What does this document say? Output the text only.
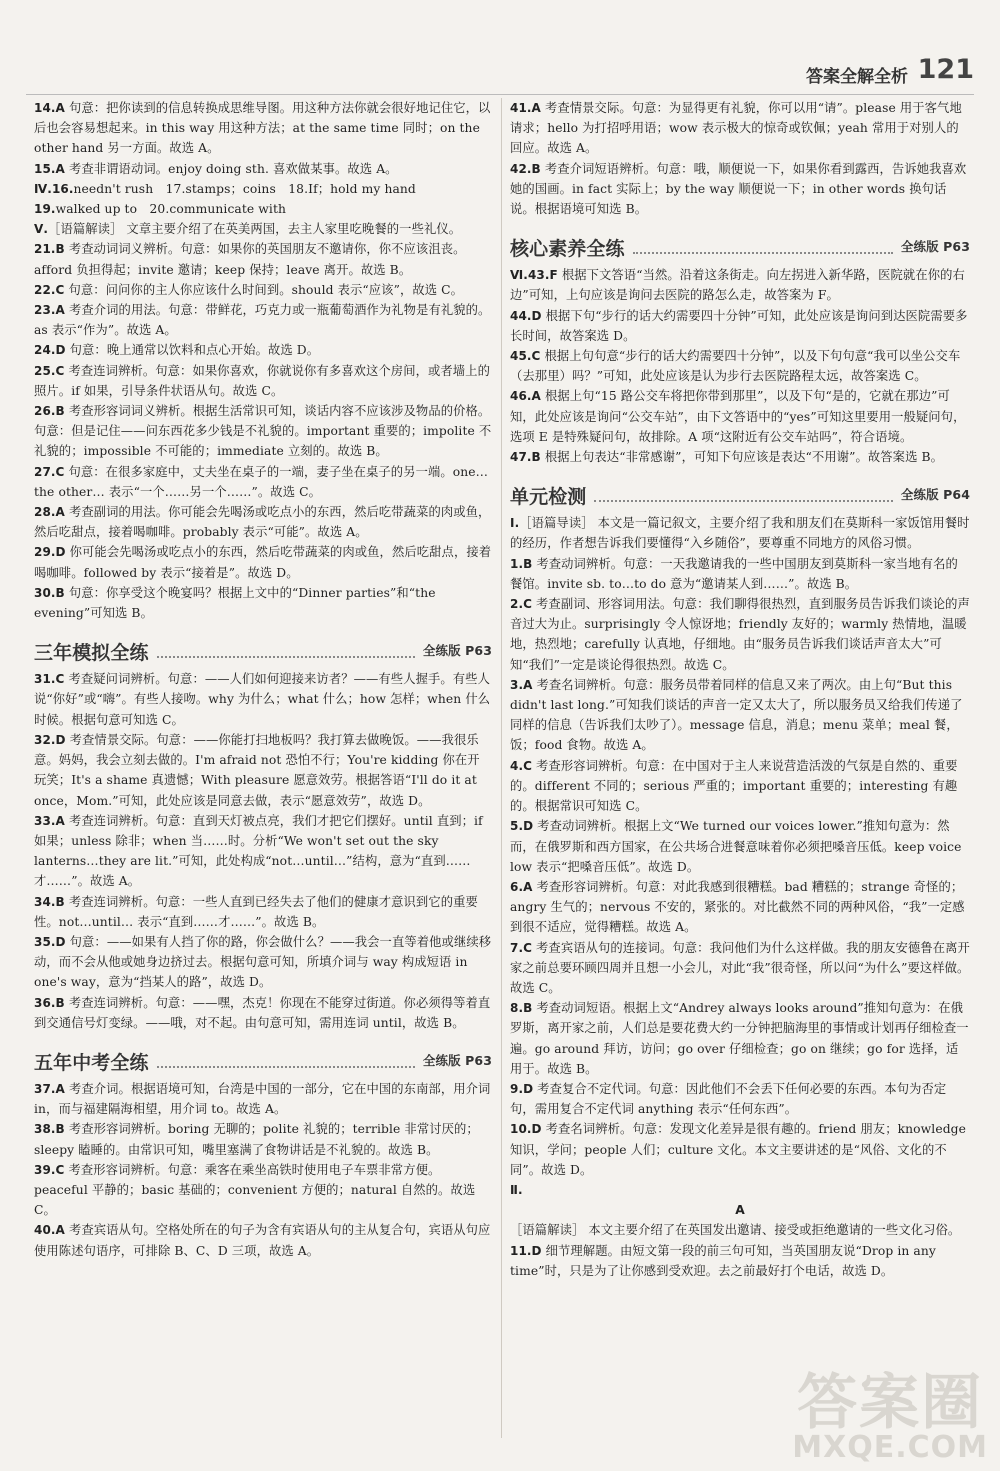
答案全解全析 121

14.A 句意：把你读到的信息转换成思维导图。用这种方法你就会很好地记住它，以后也会容易想起来。in this way 用这种方法；at the same time 同时；on the other hand 另一方面。故选 A。

15.A 考查非谓语动词。enjoy doing sth. 喜欢做某事。故选 A。

Ⅳ.16.needn't rush　17.stamps；coins　18.If；hold my hand

19.walked up to　20.communicate with

Ⅴ.［语篇解读］ 文章主要介绍了在英美两国，去主人家里吃晚餐的一些礼仪。

21.B 考查动词词义辨析。句意：如果你的英国朋友不邀请你，你不应该沮丧。afford 负担得起；invite 邀请；keep 保持；leave 离开。故选 B。

22.C 句意：问问你的主人你应该什么时间到。should 表示“应该”，故选 C。

23.A 考查介词的用法。句意：带鲜花，巧克力或一瓶葡萄酒作为礼物是有礼貌的。as 表示“作为”。故选 A。

24.D 句意：晚上通常以饮料和点心开始。故选 D。

25.C 考查连词辨析。句意：如果你喜欢，你就说你有多喜欢这个房间，或者墙上的照片。if 如果，引导条件状语从句。故选 C。

26.B 考查形容词词义辨析。根据生活常识可知，谈话内容不应该涉及物品的价格。句意：但是记住——问东西花多少钱是不礼貌的。important 重要的；impolite 不礼貌的；impossible 不可能的；immediate 立刻的。故选 B。

27.C 句意：在很多家庭中，丈夫坐在桌子的一端，妻子坐在桌子的另一端。one…the other… 表示“一个……另一个……”。故选 C。

28.A 考查副词的用法。你可能会先喝汤或吃点小的东西，然后吃带蔬菜的肉或鱼，然后吃甜点，接着喝咖啡。probably 表示“可能”。故选 A。

29.D 你可能会先喝汤或吃点小的东西，然后吃带蔬菜的肉或鱼，然后吃甜点，接着喝咖啡。followed by 表示“接着是”。故选 D。

30.B 句意：你享受这个晚宴吗？根据上文中的“Dinner parties”和“the evening”可知选 B。

三年模拟全练	全练版 P63

31.C 考查疑问词辨析。句意：——人们如何迎接来访者？——有些人握手。有些人说“你好”或“嗨”。有些人接吻。why 为什么；what 什么；how 怎样；when 什么时候。根据句意可知选 C。

32.D 考查情景交际。句意：——你能打扫地板吗？我打算去做晚饭。——我很乐意。妈妈，我会立刻去做的。I'm afraid not 恐怕不行；You're kidding 你在开玩笑；It's a shame 真遗憾；With pleasure 愿意效劳。根据答语“I'll do it at once，Mom.”可知，此处应该是同意去做，表示“愿意效劳”，故选 D。

33.A 考查连词辨析。句意：直到天灯被点亮，我们才把它们摆好。until 直到；if 如果；unless 除非；when 当……时。分析“We won't set out the sky lanterns…they are lit.”可知，此处构成“not…until…”结构，意为“直到……才……”。故选 A。

34.B 考查连词辨析。句意：一些人直到已经失去了他们的健康才意识到它的重要性。not…until… 表示“直到……才……”。故选 B。

35.D 句意：——如果有人挡了你的路，你会做什么？——我会一直等着他或继续移动，而不会从他或她身边挤过去。根据句意可知，所填介词与 way 构成短语 in one's way，意为“挡某人的路”，故选 D。

36.B 考查连词辨析。句意：——嘿，杰克！你现在不能穿过街道。你必须得等着直到交通信号灯变绿。——哦，对不起。由句意可知，需用连词 until，故选 B。

五年中考全练	全练版 P63

37.A 考查介词。根据语境可知，台湾是中国的一部分，它在中国的东南部，用介词 in，而与福建隔海相望，用介词 to。故选 A。

38.B 考查形容词辨析。boring 无聊的；polite 礼貌的；terrible 非常讨厌的；sleepy 瞌睡的。由常识可知，嘴里塞满了食物讲话是不礼貌的。故选 B。

39.C 考查形容词辨析。句意：乘客在乘坐高铁时使用电子车票非常方便。peaceful 平静的；basic 基础的；convenient 方便的；natural 自然的。故选 C。

40.A 考查宾语从句。空格处所在的句子为含有宾语从句的主从复合句，宾语从句应使用陈述句语序，可排除 B、C、D 三项，故选 A。

41.A 考查情景交际。句意：为显得更有礼貌，你可以用“请”。please 用于客气地请求；hello 为打招呼用语；wow 表示极大的惊奇或钦佩；yeah 常用于对别人的回应。故选 A。

42.B 考查介词短语辨析。句意：哦，顺便说一下，如果你看到露西，告诉她我喜欢她的国画。in fact 实际上；by the way 顺便说一下；in other words 换句话说。根据语境可知选 B。

核心素养全练	全练版 P63

Ⅵ.43.F 根据下文答语“当然。沿着这条街走。向左拐进入新华路，医院就在你的右边”可知，上句应该是询问去医院的路怎么走，故答案为 F。

44.D 根据下句“步行的话大约需要四十分钟”可知，此处应该是询问到达医院需要多长时间，故答案选 D。

45.C 根据上句句意“步行的话大约需要四十分钟”，以及下句句意“我可以坐公交车（去那里）吗？”可知，此处应该是认为步行去医院路程太远，故答案选 C。

46.A 根据上句“15 路公交车将把你带到那里”，以及下句“是的，它就在那边”可知，此处应该是询问“公交车站”，由下文答语中的“yes”可知这里要用一般疑问句，选项 E 是特殊疑问句，故排除。A 项“这附近有公交车站吗”，符合语境。

47.B 根据上句表达“非常感谢”，可知下句应该是表达“不用谢”。故答案选 B。

单元检测	全练版 P64

Ⅰ.［语篇导读］ 本文是一篇记叙文，主要介绍了我和朋友们在莫斯科一家饭馆用餐时的经历，作者想告诉我们要懂得“入乡随俗”，要尊重不同地方的风俗习惯。

1.B 考查动词辨析。句意：一天我邀请我的一些中国朋友到莫斯科一家当地有名的餐馆。invite sb. to…to do 意为“邀请某人到……”。故选 B。

2.C 考查副词、形容词用法。句意：我们聊得很热烈，直到服务员告诉我们谈论的声音过大为止。surprisingly 令人惊讶地；friendly 友好的；warmly 热情地，温暖地，热烈地；carefully 认真地，仔细地。由“服务员告诉我们谈话声音太大”可知“我们”一定是谈论得很热烈。故选 C。

3.A 考查名词辨析。句意：服务员带着同样的信息又来了两次。由上句“But this didn't last long.”可知我们谈话的声音一定又太大了，所以服务员又给我们传递了同样的信息（告诉我们太吵了）。message 信息，消息；menu 菜单；meal 餐，饭；food 食物。故选 A。

4.C 考查形容词辨析。句意：在中国对于主人来说营造活泼的气氛是自然的、重要的。different 不同的；serious 严重的；important 重要的；interesting 有趣的。根据常识可知选 C。

5.D 考查动词辨析。根据上文“We turned our voices lower.”推知句意为：然而，在俄罗斯和西方国家，在公共场合进餐意味着你必须把嗓音压低。keep voice low 表示“把嗓音压低”。故选 D。

6.A 考查形容词辨析。句意：对此我感到很糟糕。bad 糟糕的；strange 奇怪的；angry 生气的；nervous 不安的，紧张的。对比截然不同的两种风俗，“我”一定感到很不适应，觉得糟糕。故选 A。

7.C 考查宾语从句的连接词。句意：我问他们为什么这样做。我的朋友安德鲁在离开家之前总要环顾四周并且想一小会儿，对此“我”很奇怪，所以问“为什么”要这样做。故选 C。

8.B 考查动词短语。根据上文“Andrey always looks around”推知句意为：在俄罗斯，离开家之前，人们总是要花费大约一分钟把脑海里的事情或计划再仔细检查一遍。go around 拜访，访问；go over 仔细检查；go on 继续；go for 选择，适用于。故选 B。

9.D 考查复合不定代词。句意：因此他们不会丢下任何必要的东西。本句为否定句，需用复合不定代词 anything 表示“任何东西”。

10.D 考查名词辨析。句意：发现文化差异是很有趣的。friend 朋友；knowledge 知识，学问；people 人们；culture 文化。本文主要讲述的是“风俗、文化的不同”。故选 D。

Ⅱ.

A

［语篇解读］ 本文主要介绍了在英国发出邀请、接受或拒绝邀请的一些文化习俗。

11.D 细节理解题。由短文第一段的前三句可知，当英国朋友说“Drop in any time”时，只是为了让你感到受欢迎。去之前最好打个电话，故选 D。

答案圈
MXQE.COM
